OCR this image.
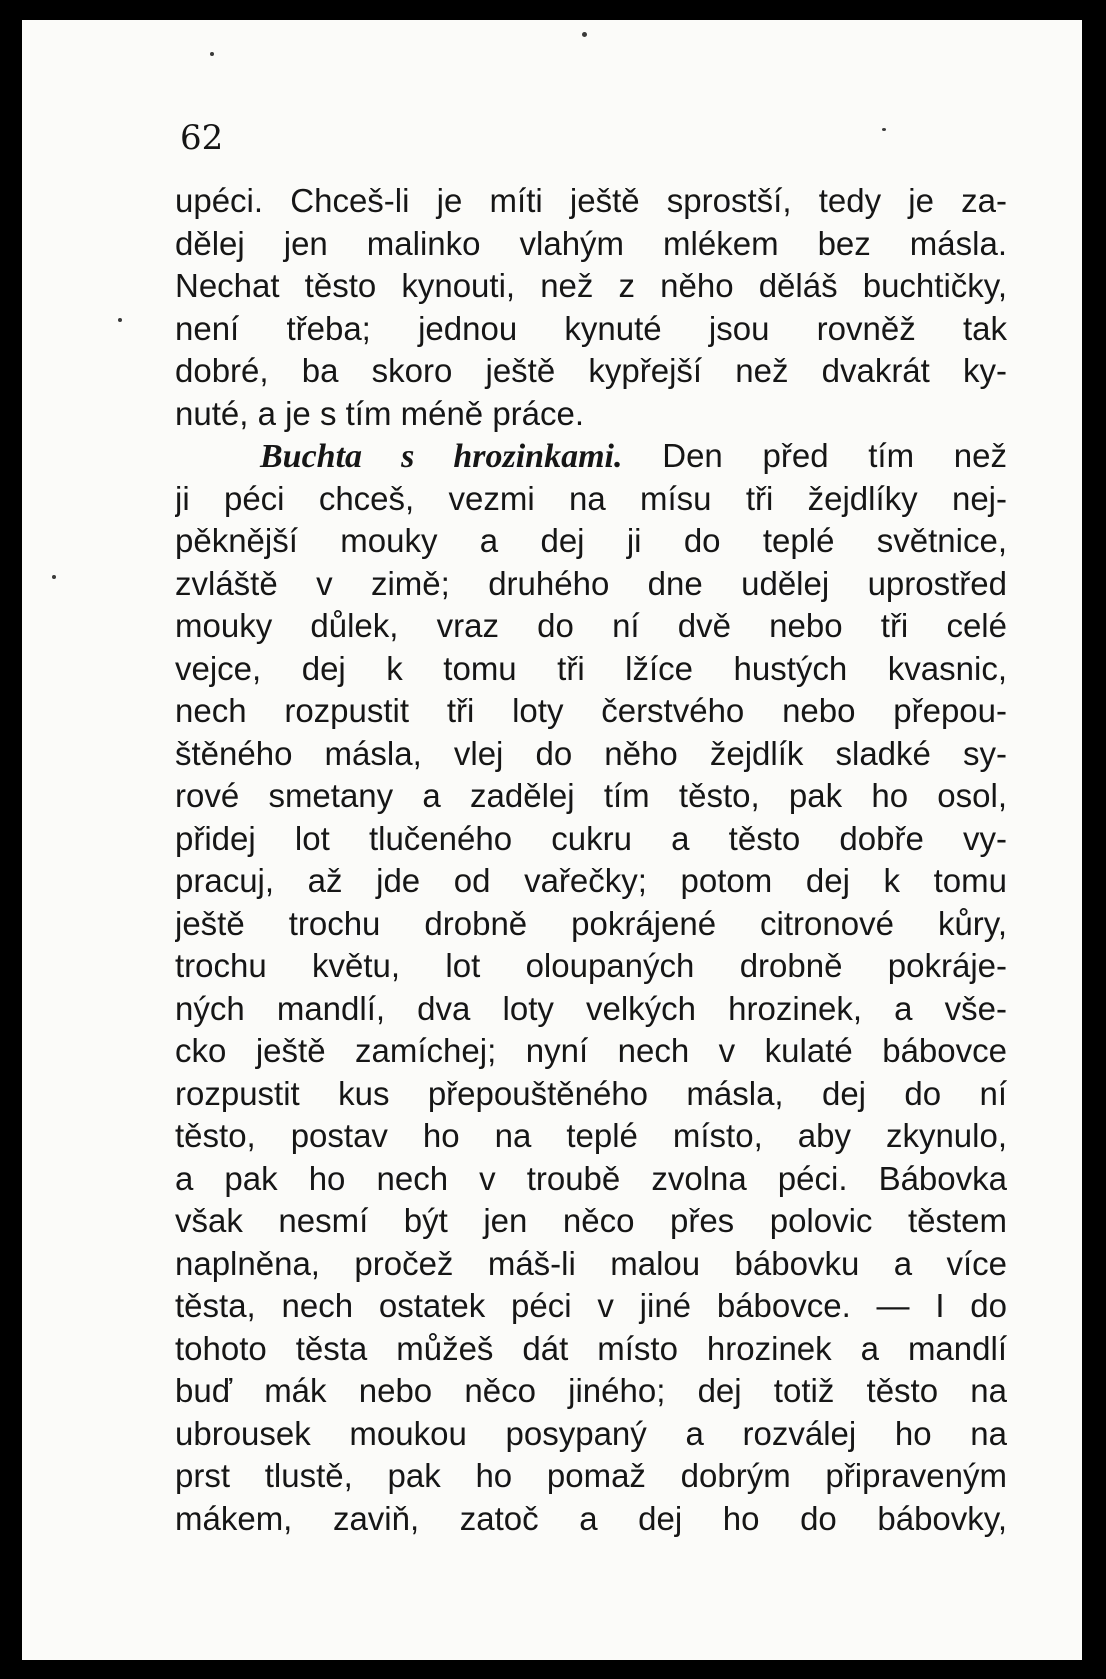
62
upéci. Chceš-li je míti ještě sprostší, tedy je za-
dělej jen malinko vlahým mlékem bez másla.
Nechat těsto kynouti, než z něho děláš buchtičky,
není třeba; jednou kynuté jsou rovněž tak
dobré, ba skoro ještě kypřejší než dvakrát ky-
nuté, a je s tím méně práce.
Buchta s hrozinkami. Den před tím než
ji péci chceš, vezmi na mísu tři žejdlíky nej-
pěknější mouky a dej ji do teplé světnice,
zvláště v zimě; druhého dne udělej uprostřed
mouky důlek, vraz do ní dvě nebo tři celé
vejce, dej k tomu tři lžíce hustých kvasnic,
nech rozpustit tři loty čerstvého nebo přepou-
štěného másla, vlej do něho žejdlík sladké sy-
rové smetany a zadělej tím těsto, pak ho osol,
přidej lot tlučeného cukru a těsto dobře vy-
pracuj, až jde od vařečky; potom dej k tomu
ještě trochu drobně pokrájené citronové kůry,
trochu květu, lot oloupaných drobně pokráje-
ných mandlí, dva loty velkých hrozinek, a vše-
cko ještě zamíchej; nyní nech v kulaté bábovce
rozpustit kus přepouštěného másla, dej do ní
těsto, postav ho na teplé místo, aby zkynulo,
a pak ho nech v troubě zvolna péci. Bábovka
však nesmí být jen něco přes polovic těstem
naplněna, pročež máš-li malou bábovku a více
těsta, nech ostatek péci v jiné bábovce. — I do
tohoto těsta můžeš dát místo hrozinek a mandlí
buď mák nebo něco jiného; dej totiž těsto na
ubrousek moukou posypaný a rozválej ho na
prst tlustě, pak ho pomaž dobrým připraveným
mákem, zaviň, zatoč a dej ho do bábovky,
